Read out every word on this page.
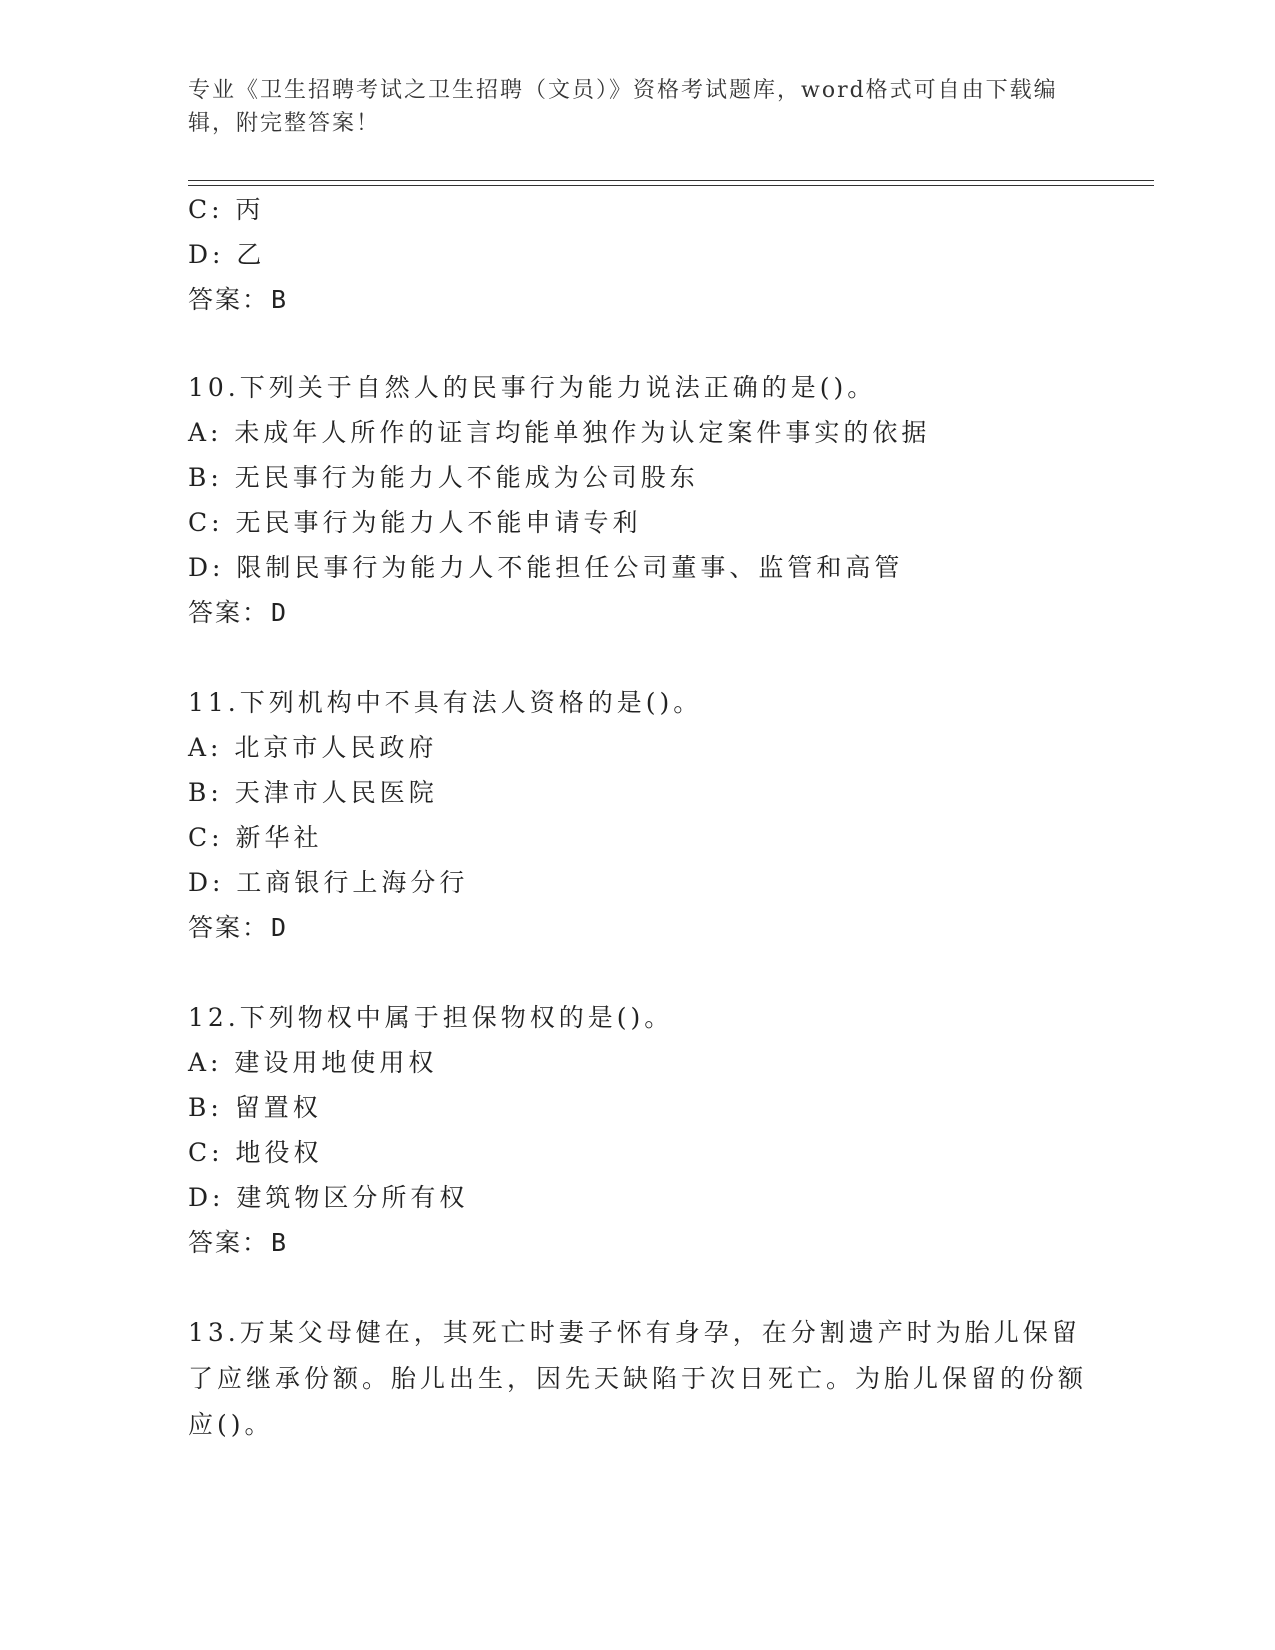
专业《卫生招聘考试之卫生招聘（文员）》资格考试题库，word格式可自由下载编辑，附完整答案！
C: 丙
D: 乙
答案：B
10.下列关于自然人的民事行为能力说法正确的是()。
A: 未成年人所作的证言均能单独作为认定案件事实的依据
B: 无民事行为能力人不能成为公司股东
C: 无民事行为能力人不能申请专利
D: 限制民事行为能力人不能担任公司董事、监管和高管
答案：D
11.下列机构中不具有法人资格的是()。
A: 北京市人民政府
B: 天津市人民医院
C: 新华社
D: 工商银行上海分行
答案：D
12.下列物权中属于担保物权的是()。
A: 建设用地使用权
B: 留置权
C: 地役权
D: 建筑物区分所有权
答案：B
13.万某父母健在，其死亡时妻子怀有身孕，在分割遗产时为胎儿保留了应继承份额。胎儿出生，因先天缺陷于次日死亡。为胎儿保留的份额应()。
